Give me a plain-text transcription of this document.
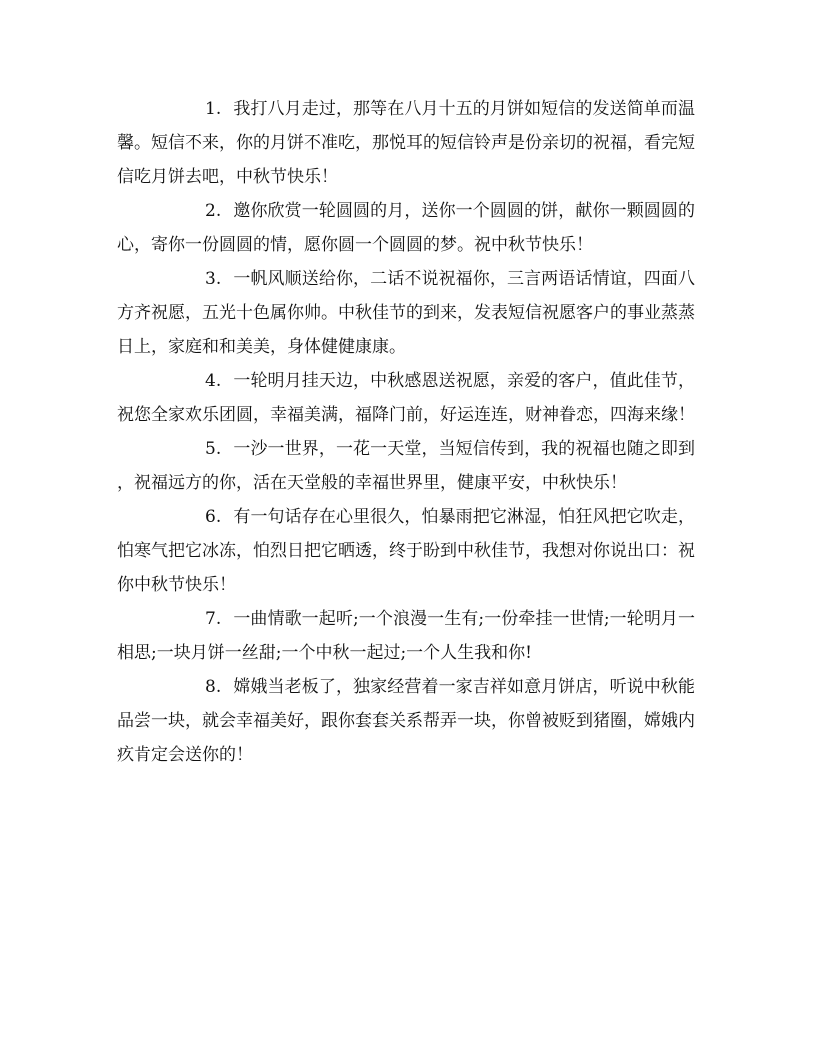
1. 我打八月走过，那等在八月十五的月饼如短信的发送简单而温馨。短信不来，你的月饼不准吃，那悦耳的短信铃声是份亲切的祝福，看完短信吃月饼去吧，中秋节快乐！

2. 邀你欣赏一轮圆圆的月，送你一个圆圆的饼，献你一颗圆圆的心，寄你一份圆圆的情，愿你圆一个圆圆的梦。祝中秋节快乐！

3. 一帆风顺送给你，二话不说祝福你，三言两语话情谊，四面八方齐祝愿，五光十色属你帅。中秋佳节的到来，发表短信祝愿客户的事业蒸蒸日上，家庭和和美美，身体健健康康。

4. 一轮明月挂天边，中秋感恩送祝愿，亲爱的客户，值此佳节，祝您全家欢乐团圆，幸福美满，福降门前，好运连连，财神眷恋，四海来缘！

5. 一沙一世界，一花一天堂，当短信传到，我的祝福也随之即到，祝福远方的你，活在天堂般的幸福世界里，健康平安，中秋快乐！

6. 有一句话存在心里很久，怕暴雨把它淋湿，怕狂风把它吹走，怕寒气把它冰冻，怕烈日把它晒透，终于盼到中秋佳节，我想对你说出口：祝你中秋节快乐！

7. 一曲情歌一起听;一个浪漫一生有;一份牵挂一世情;一轮明月一相思;一块月饼一丝甜;一个中秋一起过;一个人生我和你!

8. 嫦娥当老板了，独家经营着一家吉祥如意月饼店，听说中秋能品尝一块，就会幸福美好，跟你套套关系帮弄一块，你曾被贬到猪圈，嫦娥内疚肯定会送你的！
